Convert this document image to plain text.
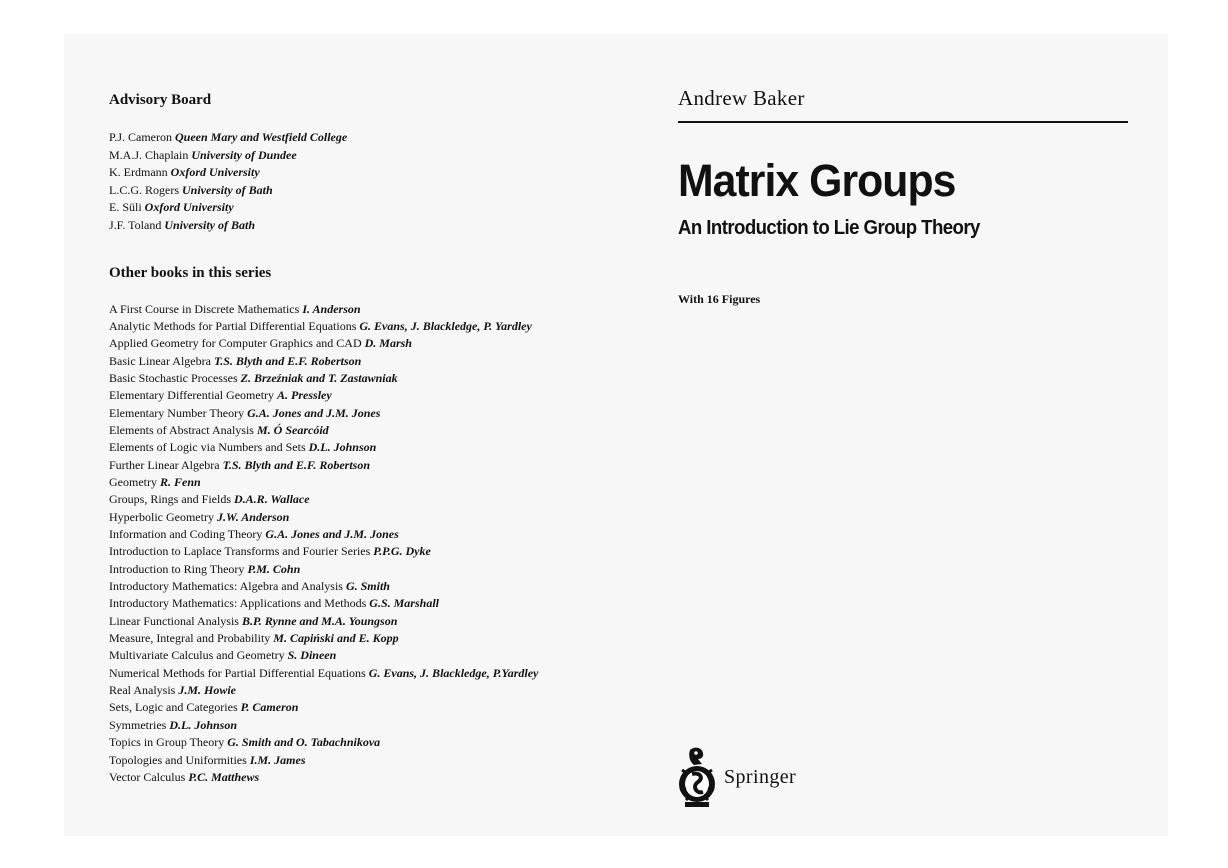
Advisory Board
P.J. Cameron Queen Mary and Westfield College
M.A.J. Chaplain University of Dundee
K. Erdmann Oxford University
L.C.G. Rogers University of Bath
E. Süli Oxford University
J.F. Toland University of Bath
Other books in this series
A First Course in Discrete Mathematics I. Anderson
Analytic Methods for Partial Differential Equations G. Evans, J. Blackledge, P. Yardley
Applied Geometry for Computer Graphics and CAD D. Marsh
Basic Linear Algebra T.S. Blyth and E.F. Robertson
Basic Stochastic Processes Z. Brzeźniak and T. Zastawniak
Elementary Differential Geometry A. Pressley
Elementary Number Theory G.A. Jones and J.M. Jones
Elements of Abstract Analysis M. Ó Searcóid
Elements of Logic via Numbers and Sets D.L. Johnson
Further Linear Algebra T.S. Blyth and E.F. Robertson
Geometry R. Fenn
Groups, Rings and Fields D.A.R. Wallace
Hyperbolic Geometry J.W. Anderson
Information and Coding Theory G.A. Jones and J.M. Jones
Introduction to Laplace Transforms and Fourier Series P.P.G. Dyke
Introduction to Ring Theory P.M. Cohn
Introductory Mathematics: Algebra and Analysis G. Smith
Introductory Mathematics: Applications and Methods G.S. Marshall
Linear Functional Analysis B.P. Rynne and M.A. Youngson
Measure, Integral and Probability M. Capiński and E. Kopp
Multivariate Calculus and Geometry S. Dineen
Numerical Methods for Partial Differential Equations G. Evans, J. Blackledge, P.Yardley
Real Analysis J.M. Howie
Sets, Logic and Categories P. Cameron
Symmetries D.L. Johnson
Topics in Group Theory G. Smith and O. Tabachnikova
Topologies and Uniformities I.M. James
Vector Calculus P.C. Matthews
Andrew Baker
Matrix Groups
An Introduction to Lie Group Theory
With 16 Figures
Springer
